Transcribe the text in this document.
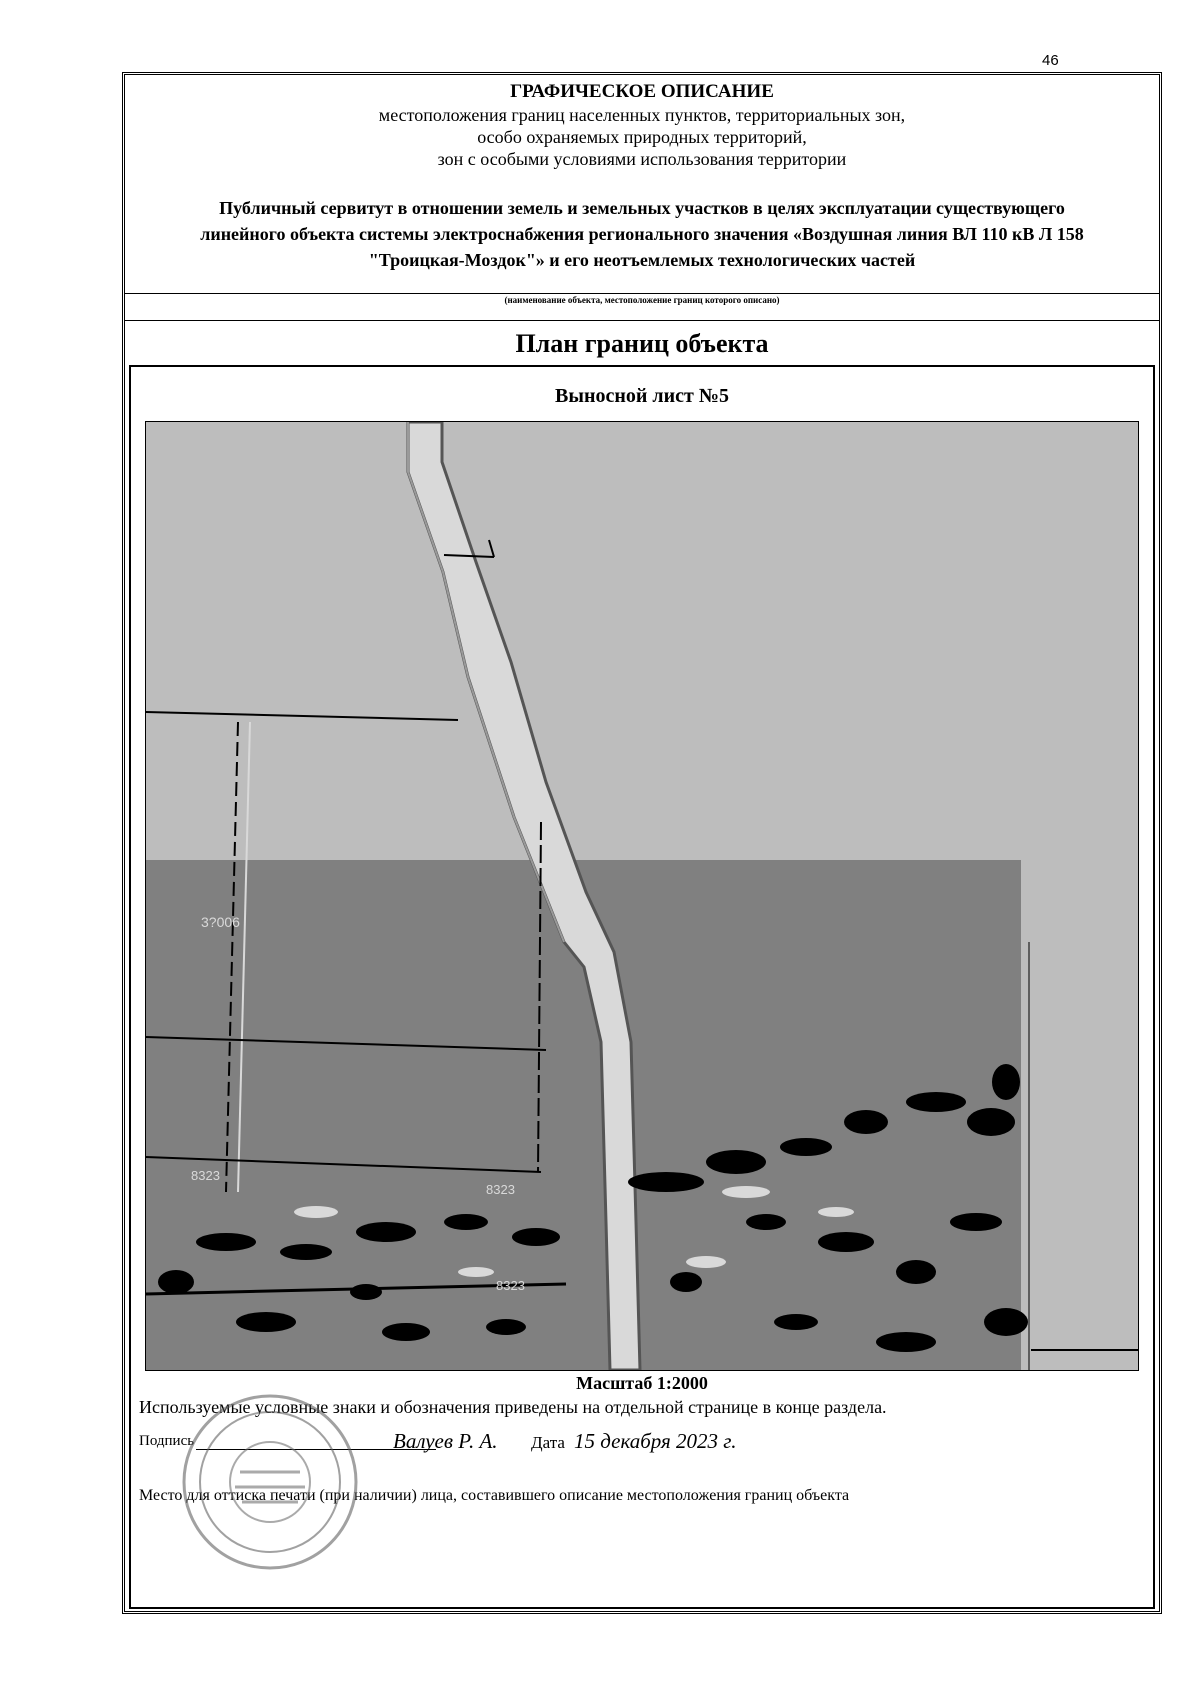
46
ГРАФИЧЕСКОЕ ОПИСАНИЕ
местоположения границ населенных пунктов, территориальных зон,
особо охраняемых природных территорий,
зон с особыми условиями использования территории
Публичный сервитут в отношении земель и земельных участков в целях эксплуатации существующего линейного объекта системы электроснабжения регионального значения «Воздушная линия ВЛ 110 кВ Л 158 "Троицкая-Моздок"» и его неотъемлемых технологических частей
(наименование объекта, местоположение границ которого описано)
План границ объекта
Выносной лист №5
3?006
8323
8323
8323
Масштаб 1:2000
Используемые условные знаки и обозначения приведены на отдельной странице в конце раздела.
Подпись	Валуев Р. А. Дата 15 декабря 2023 г.
Место для оттиска печати (при наличии) лица, составившего описание местоположения границ объекта
